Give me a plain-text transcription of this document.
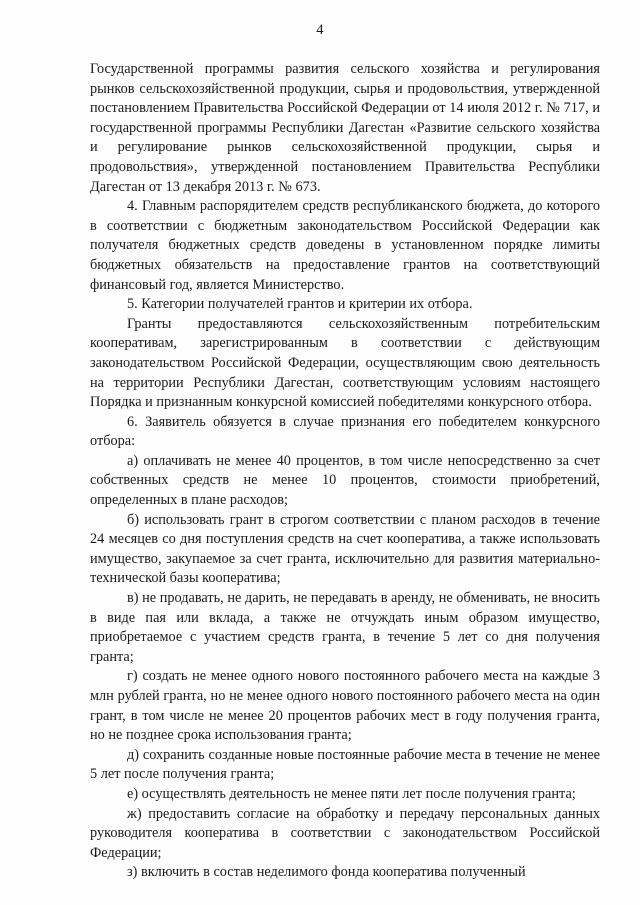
4

Государственной программы развития сельского хозяйства и регулирования рынков сельскохозяйственной продукции, сырья и продовольствия, утвержденной постановлением Правительства Российской Федерации от 14 июля 2012 г. № 717, и государственной программы Республики Дагестан «Развитие сельского хозяйства и регулирование рынков сельскохозяйственной продукции, сырья и продовольствия», утвержденной постановлением Правительства Республики Дагестан от 13 декабря 2013 г. № 673.

4. Главным распорядителем средств республиканского бюджета, до которого в соответствии с бюджетным законодательством Российской Федерации как получателя бюджетных средств доведены в установленном порядке лимиты бюджетных обязательств на предоставление грантов на соответствующий финансовый год, является Министерство.

5. Категории получателей грантов и критерии их отбора.

Гранты предоставляются сельскохозяйственным потребительским кооперативам, зарегистрированным в соответствии с действующим законодательством Российской Федерации, осуществляющим свою деятельность на территории Республики Дагестан, соответствующим условиям настоящего Порядка и признанным конкурсной комиссией победителями конкурсного отбора.

6. Заявитель обязуется в случае признания его победителем конкурсного отбора:

а) оплачивать не менее 40 процентов, в том числе непосредственно за счет собственных средств не менее 10 процентов, стоимости приобретений, определенных в плане расходов;

б) использовать грант в строгом соответствии с планом расходов в течение 24 месяцев со дня поступления средств на счет кооператива, а также использовать имущество, закупаемое за счет гранта, исключительно для развития материально-технической базы кооператива;

в) не продавать, не дарить, не передавать в аренду, не обменивать, не вносить в виде пая или вклада, а также не отчуждать иным образом имущество, приобретаемое с участием средств гранта, в течение 5 лет со дня получения гранта;

г) создать не менее одного нового постоянного рабочего места на каждые 3 млн рублей гранта, но не менее одного нового постоянного рабочего места на один грант, в том числе не менее 20 процентов рабочих мест в году получения гранта, но не позднее срока использования гранта;

д) сохранить созданные новые постоянные рабочие места в течение не менее 5 лет после получения гранта;

е) осуществлять деятельность не менее пяти лет после получения гранта;

ж) предоставить согласие на обработку и передачу персональных данных руководителя кооператива в соответствии с законодательством Российской Федерации;

з) включить в состав неделимого фонда кооператива полученный
